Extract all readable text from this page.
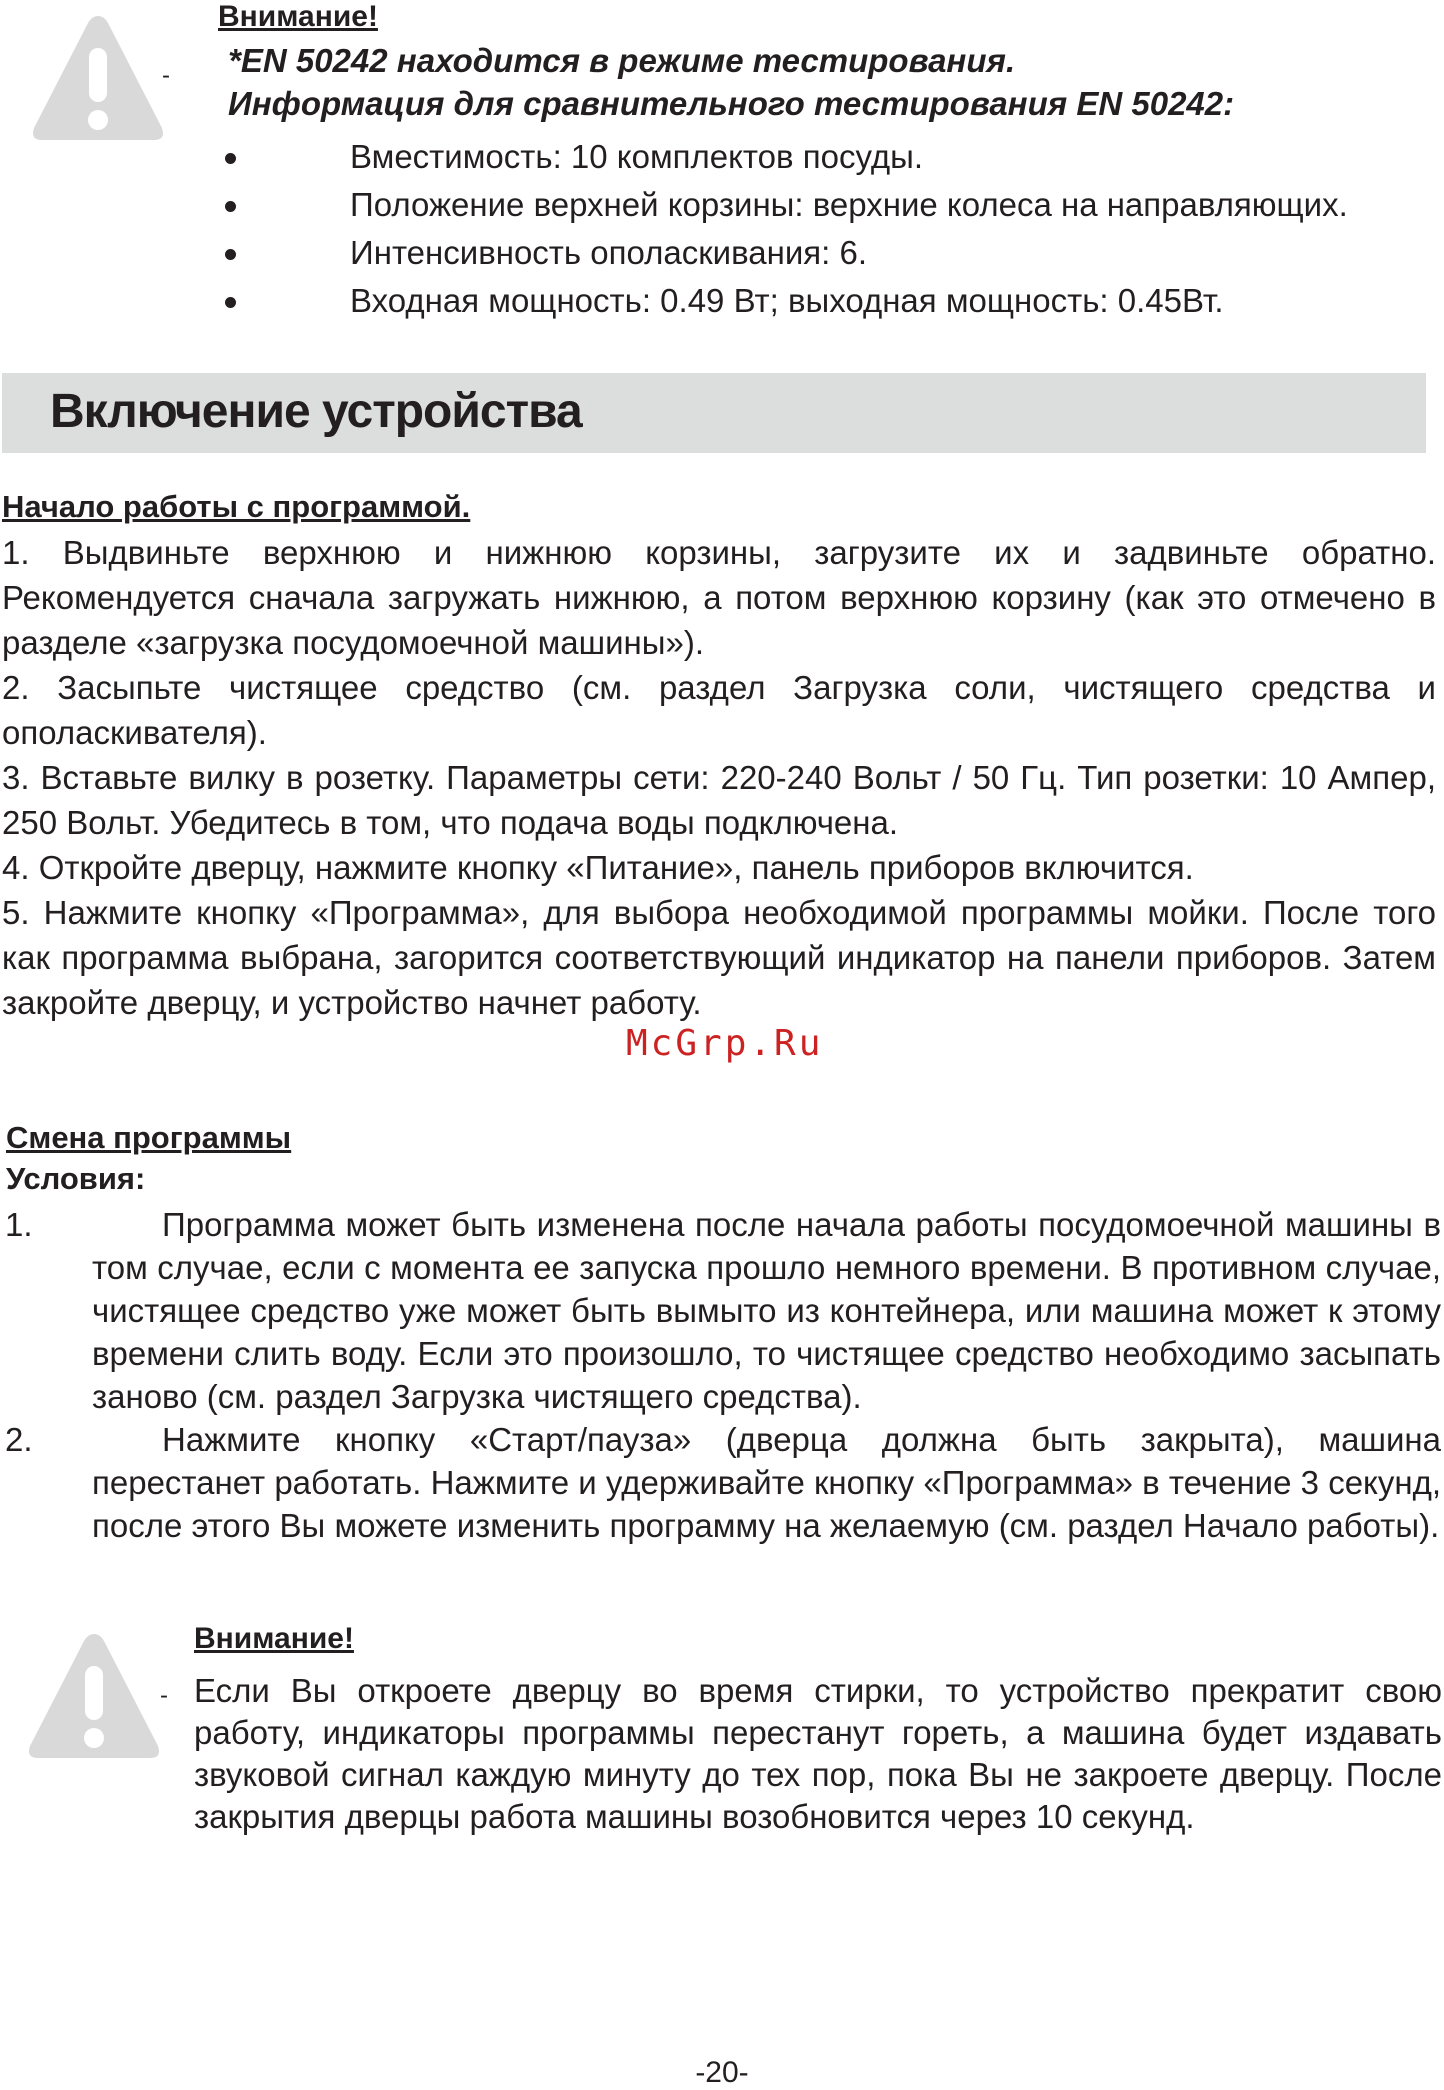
Внимание!
- *EN 50242 находится в режиме тестирования.
Информация для сравнительного тестирования EN 50242:
Вместимость: 10 комплектов посуды.
Положение верхней корзины: верхние колеса на направляющих.
Интенсивность ополаскивания: 6.
Входная мощность: 0.49 Вт; выходная мощность: 0.45Вт.
Включение устройства
Начало работы с программой.

1. Выдвиньте верхнюю и нижнюю корзины, загрузите их и задвиньте обратно. Рекомендуется сначала загружать нижнюю, а потом верхнюю корзину (как это отмечено в разделе «загрузка посудомоечной машины»).

2. Засыпьте чистящее средство (см. раздел Загрузка соли, чистящего средства и ополаскивателя).

3. Вставьте вилку в розетку. Параметры сети: 220-240 Вольт / 50 Гц. Тип розетки: 10 Ампер, 250 Вольт. Убедитесь в том, что подача воды подключена.

4. Откройте дверцу, нажмите кнопку «Питание», панель приборов включится.

5. Нажмите кнопку «Программа», для выбора необходимой программы мойки. После того как программа выбрана, загорится соответствующий индикатор на панели приборов. Затем закройте дверцу, и устройство начнет работу.

McGrp.Ru
Смена программы
Условия:
1.	Программа может быть изменена после начала работы посудомоечной машины в том случае, если с момента ее запуска прошло немного времени. В противном случае, чистящее средство уже может быть вымыто из контейнера, или машина может к этому времени слить воду. Если это произошло, то чистящее средство необходимо засыпать заново (см. раздел Загрузка чистящего средства).
2.	Нажмите кнопку «Старт/пауза» (дверца должна быть закрыта), машина перестанет работать. Нажмите и удерживайте кнопку «Программа» в течение 3 секунд, после этого Вы можете изменить программу на желаемую (см. раздел Начало работы).
Внимание!
- Если Вы откроете дверцу во время стирки, то устройство прекратит свою работу, индикаторы программы перестанут гореть, а машина будет издавать звуковой сигнал каждую минуту до тех пор, пока Вы не закроете дверцу. После закрытия дверцы работа машины возобновится через 10 секунд.
-20-
